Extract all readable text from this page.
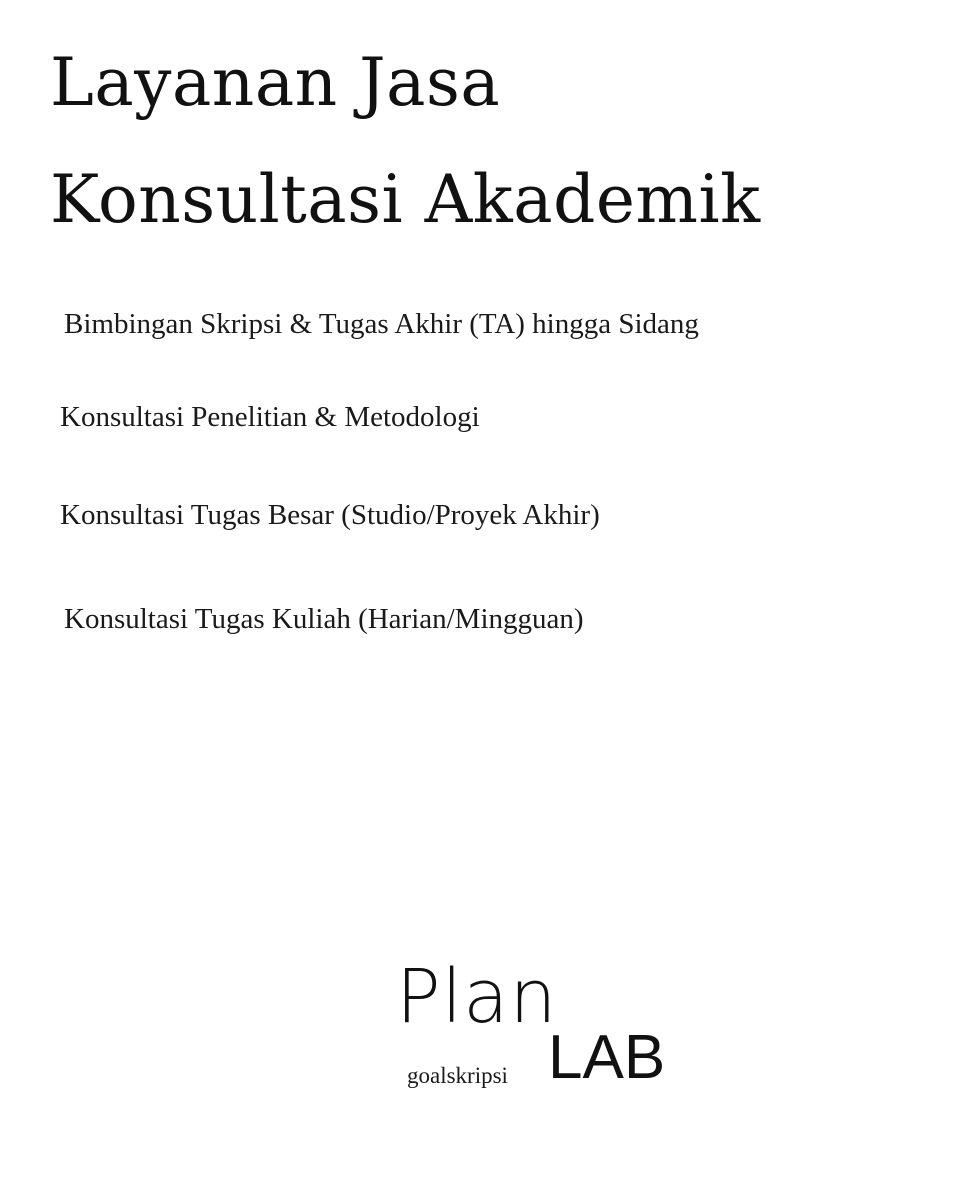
Layanan Jasa
Konsultasi Akademik

Bimbingan Skripsi & Tugas Akhir (TA) hingga Sidang

Konsultasi Penelitian & Metodologi

Konsultasi Tugas Besar (Studio/Proyek Akhir)

Konsultasi Tugas Kuliah (Harian/Mingguan)

Plan
goalskripsi LAB
